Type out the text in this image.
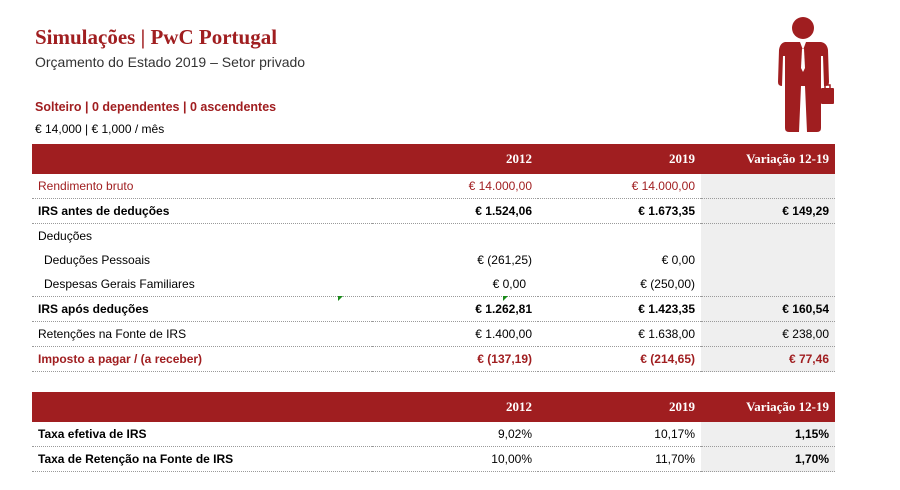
Simulações | PwC Portugal
Orçamento do Estado 2019 – Setor privado
Solteiro | 0 dependentes | 0 ascendentes
€ 14,000 | € 1,000 / mês
	2012	2019	Variação 12-19
Rendimento bruto	€ 14.000,00	€ 14.000,00	
IRS antes de deduções	€ 1.524,06	€ 1.673,35	€ 149,29
Deduções			
Deduções Pessoais	€ (261,25)	€ 0,00	
Despesas Gerais Familiares	€ 0,00	€ (250,00)	
IRS após deduções	€ 1.262,81	€ 1.423,35	€ 160,54
Retenções na Fonte de IRS	€ 1.400,00	€ 1.638,00	€ 238,00
Imposto a pagar / (a receber)	€ (137,19)	€ (214,65)	€ 77,46
	2012	2019	Variação 12-19
Taxa efetiva de IRS	9,02%	10,17%	1,15%
Taxa de Retenção na Fonte de IRS	10,00%	11,70%	1,70%
